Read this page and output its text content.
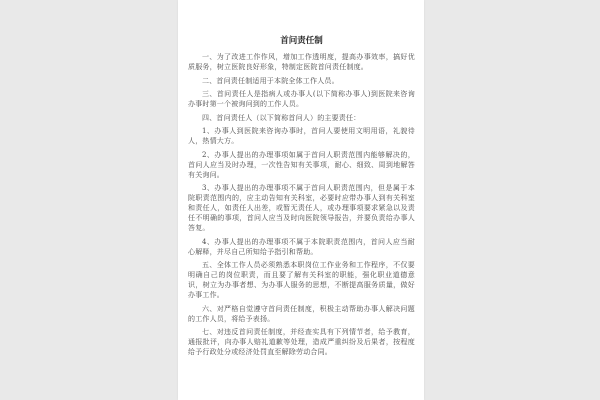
首问责任制

一、为了改进工作作风，增加工作透明度，提高办事效率，搞好优质服务，树立医院良好形象，特制定医院首问责任制度。

二、首问责任制适用于本院全体工作人员。

三、首问责任人是指病人或办事人(以下简称办事人)到医院来咨询办事时第一个被询问到的工作人员。

四、首问责任人（以下简称首问人）的主要责任：

1、办事人到医院来咨询办事时，首问人要使用文明用语，礼貌待人，热情大方。

2、办事人提出的办理事项如属于首问人职责范围内能够解决的，首问人应当及时办理，一次性告知有关事项，耐心、细致、周到地解答有关询问。

3、办事人提出的办理事项不属于首问人职责范围内，但是属于本院职责范围内的，应主动告知有关科室，必要时应带办事人到有关科室和责任人，如责任人出差，或暂无责任人，或办理事项要求紧急以及责任不明确的事项，首问人应当及时向医院领导报告，并要负责给办事人答复。

4、办事人提出的办理事项不属于本院职责范围内，首问人应当耐心解释，并尽自己所知给予指引和帮助。

五、全体工作人员必须熟悉本职岗位工作业务和工作程序，不仅要明确自己的岗位职责，而且要了解有关科室的职能，强化职业道德意识，树立为办事者想、为办事人服务的思想，不断提高服务质量，做好办事工作。

六、对严格自觉遵守首问责任制度，积极主动帮助办事人解决问题的工作人员，将给予表扬。

七、对违反首问责任制度，并经查实具有下列情节者，给予教育，通报批评，向办事人赔礼道歉等处理，造成严重纠纷及后果者，按程度给予行政处分或经济处罚直至解除劳动合同。
